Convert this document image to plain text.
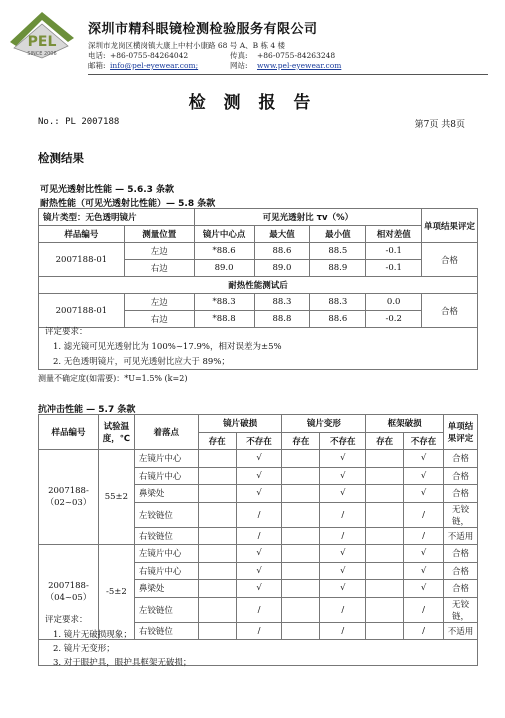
PEL
SINCE 2006
深圳市精科眼镜检测检验服务有限公司
深圳市龙岗区横岗镇大康上中村小康路 68 号 A、B 栋 4 楼
电话: +86-0755-84264042	传真: +86-0755-84263248
邮箱: info@pel-eyewear.com;	网站: www.pel-eyewear.com
检 测 报 告
No.: PL 2007188	第7页 共8页
检测结果
可见光透射比性能 — 5.6.3 条款
耐热性能（可见光透射比性能）— 5.8 条款
镜片类型：无色透明镜片		可见光透射比 τv（%）				单项结果评定
样品编号	测量位置	镜片中心点	最大值	最小值	相对差值	
2007188-01	左边	*88.6	88.6	88.5	-0.1	合格
	右边	89.0	89.0	88.9	-0.1	
耐热性能测试后						
2007188-01	左边	*88.3	88.3	88.3	0.0	合格
	右边	*88.8	88.8	88.6	-0.2	
评定要求：
1. 滤光镜可见光透射比为 100%~17.9%，相对误差为±5%
2. 无色透明镜片，可见光透射比应大于 89%；
测量不确定度(如需要)：*U=1.5% (k=2)
抗冲击性能 — 5.7 条款
样品编号	试验温度，℃	着落点	镜片破损		镜片变形		框架破损		单项结果评定
			存在	不存在	存在	不存在	存在	不存在	
2007188-（02~03）	55±2	左镜片中心		√		√		√	合格
		右镜片中心		√		√		√	合格
		鼻梁处		√		√		√	合格
		左铰链位		/		/		/	无铰链，
		右铰链位		/		/		/	不适用
2007188-（04~05）	-5±2	左镜片中心		√		√		√	合格
		右镜片中心		√		√		√	合格
		鼻梁处		√		√		√	合格
		左铰链位		/		/		/	无铰链，
		右铰链位		/		/		/	不适用
评定要求：
1. 镜片无破损现象；
2. 镜片无变形；
3. 对于眼护具，眼护具框架无破损；
